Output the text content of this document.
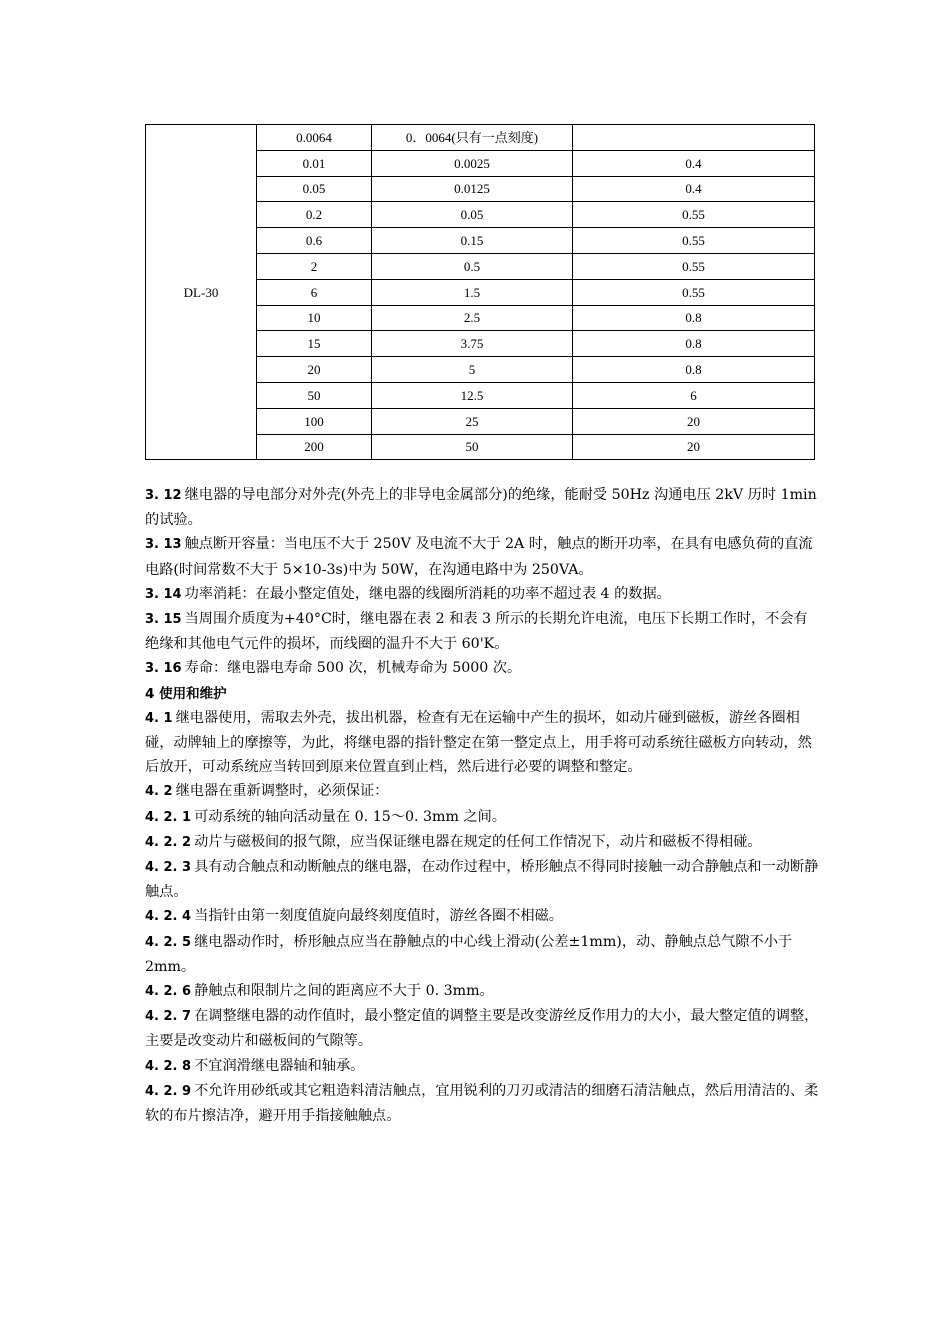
DL-30	0.0064	0．0064(只有一点刻度)	
	0.01	0.0025	0.4
	0.05	0.0125	0.4
	0.2	0.05	0.55
	0.6	0.15	0.55
	2	0.5	0.55
	6	1.5	0.55
	10	2.5	0.8
	15	3.75	0.8
	20	5	0.8
	50	12.5	6
	100	25	20
	200	50	20

3. 12 继电器的导电部分对外壳(外壳上的非导电金属部分)的绝缘，能耐受 50Hz 沟通电压 2kV 历时 1min 的试验。

3. 13 触点断开容量：当电压不大于 250V 及电流不大于 2A 时，触点的断开功率，在具有电感负荷的直流电路(时间常数不大于 5×10-3s)中为 50W，在沟通电路中为 250VA。

3. 14 功率消耗：在最小整定值处，继电器的线圈所消耗的功率不超过表 4 的数据。

3. 15 当周围介质度为+40°C时，继电器在表 2 和表 3 所示的长期允许电流，电压下长期工作时，不会有绝缘和其他电气元件的损坏，而线圈的温升不大于 60'K。

3. 16 寿命：继电器电寿命 500 次，机械寿命为 5000 次。

4 使用和维护

4. 1 继电器使用，需取去外壳，拔出机器，检查有无在运输中产生的损坏，如动片碰到磁板，游丝各圈相碰，动牌轴上的摩擦等，为此，将继电器的指针整定在第一整定点上，用手将可动系统往磁板方向转动，然后放开，可动系统应当转回到原来位置直到止档，然后进行必要的调整和整定。

4. 2 继电器在重新调整时，必须保证：

4. 2. 1 可动系统的轴向活动量在 0. 15～0. 3mm 之间。

4. 2. 2 动片与磁极间的报气隙，应当保证继电器在规定的任何工作情况下，动片和磁板不得相碰。

4. 2. 3 具有动合触点和动断触点的继电器，在动作过程中，桥形触点不得同时接触一动合静触点和一动断静触点。

4. 2. 4 当指针由第一刻度值旋向最终刻度值时，游丝各圈不相磁。

4. 2. 5 继电器动作时，桥形触点应当在静触点的中心线上滑动(公差±1mm)，动、静触点总气隙不小于 2mm。

4. 2. 6 静触点和限制片之间的距离应不大于 0. 3mm。

4. 2. 7 在调整继电器的动作值时，最小整定值的调整主要是改变游丝反作用力的大小，最大整定值的调整，主要是改变动片和磁板间的气隙等。

4. 2. 8 不宜润滑继电器轴和轴承。

4. 2. 9 不允许用砂纸或其它粗造料清洁触点，宜用锐利的刀刃或清洁的细磨石清洁触点，然后用清洁的、柔软的布片擦洁净，避开用手指接触触点。
